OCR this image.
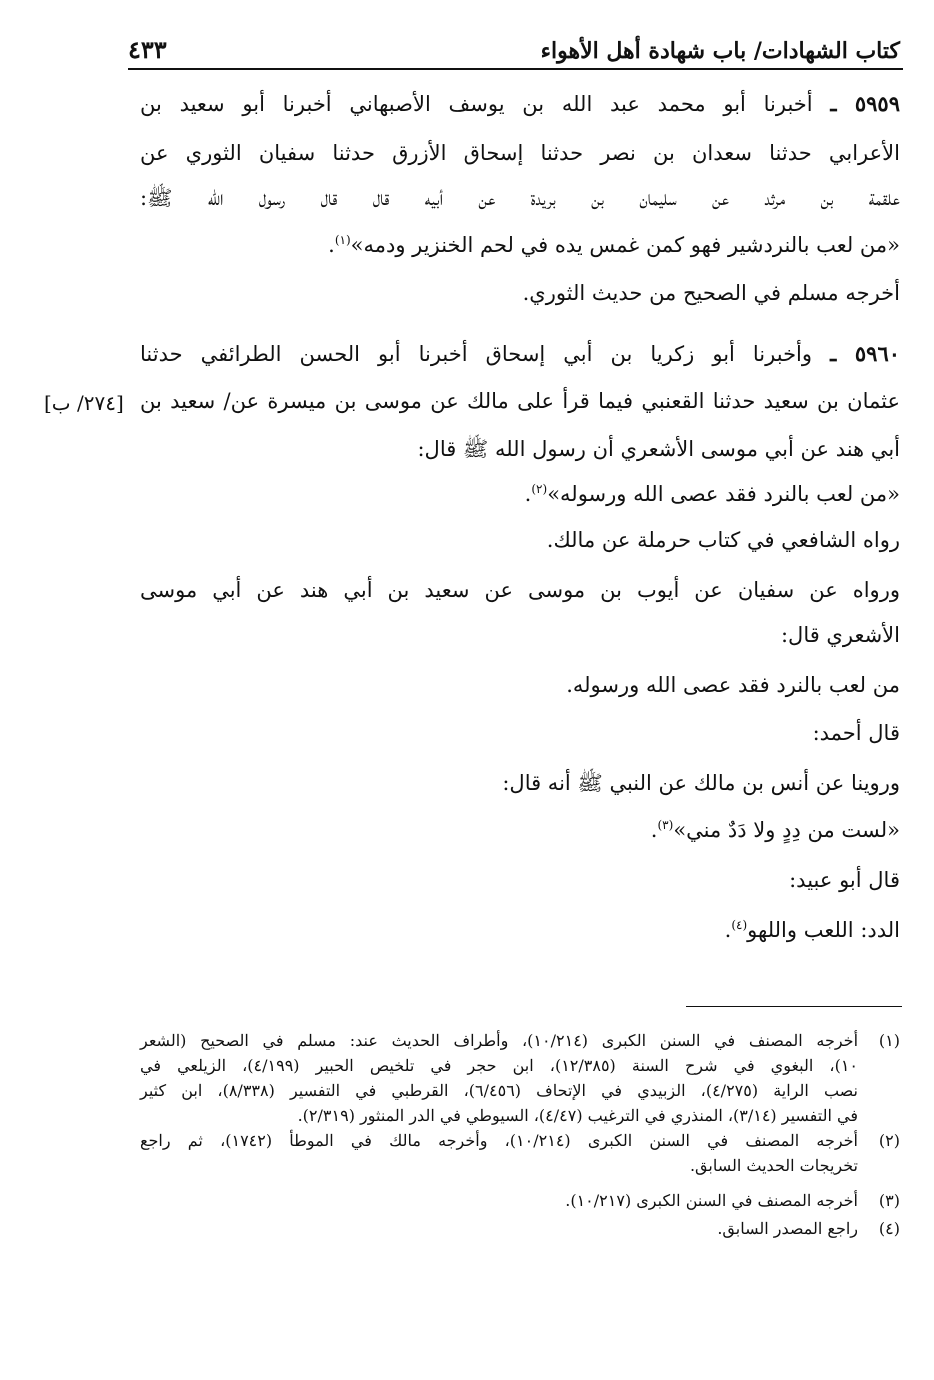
كتاب الشهادات/ باب شهادة أهل الأهواء
٤٣٣
[٢٧٤/ ب]
٥٩٥٩ ـ أخبرنا أبو محمد عبد الله بن يوسف الأصبهاني أخبرنا أبو سعيد بن
الأعرابي حدثنا سعدان بن نصر حدثنا إسحاق الأزرق حدثنا سفيان الثوري عن
علقمة بن مرثد عن سليمان بن بريدة عن أبيه قال قال رسول الله ﷺ:
«من لعب بالنردشير فهو كمن غمس يده في لحم الخنزير ودمه»$^{(١)}$.
أخرجه مسلم في الصحيح من حديث الثوري.
٥٩٦٠ ـ وأخبرنا أبو زكريا بن أبي إسحاق أخبرنا أبو الحسن الطرائفي حدثنا
عثمان بن سعيد حدثنا القعنبي فيما قرأ على مالك عن موسى بن ميسرة عن/ سعيد بن
أبي هند عن أبي موسى الأشعري أن رسول الله ﷺ قال:
«من لعب بالنرد فقد عصى الله ورسوله»$^{(٢)}$.
رواه الشافعي في كتاب حرملة عن مالك.
ورواه عن سفيان عن أيوب بن موسى عن سعيد بن أبي هند عن أبي موسى
الأشعري قال:
من لعب بالنرد فقد عصى الله ورسوله.
قال أحمد:
وروينا عن أنس بن مالك عن النبي ﷺ أنه قال:
«لست من دِدٍ ولا دَدٌ مني»$^{(٣)}$.
قال أبو عبيد:
الدد: اللعب واللهو$^{(٤)}$.
(١)
أخرجه المصنف في السنن الكبرى (١٠/٢١٤)، وأطراف الحديث عند: مسلم في الصحيح (الشعر
١٠)، البغوي في شرح السنة (١٢/٣٨٥)، ابن حجر في تلخيص الحبير (٤/١٩٩)، الزيلعي في
نصب الراية (٤/٢٧٥)، الزبيدي في الإتحاف (٦/٤٥٦)، القرطبي في التفسير (٨/٣٣٨)، ابن كثير
في التفسير (٣/١٤)، المنذري في الترغيب (٤/٤٧)، السيوطي في الدر المنثور (٢/٣١٩).
(٢)
أخرجه المصنف في السنن الكبرى (١٠/٢١٤)، وأخرجه مالك في الموطأ (١٧٤٢)، ثم راجع
تخريجات الحديث السابق.
(٣)
أخرجه المصنف في السنن الكبرى (١٠/٢١٧).
(٤)
راجع المصدر السابق.
